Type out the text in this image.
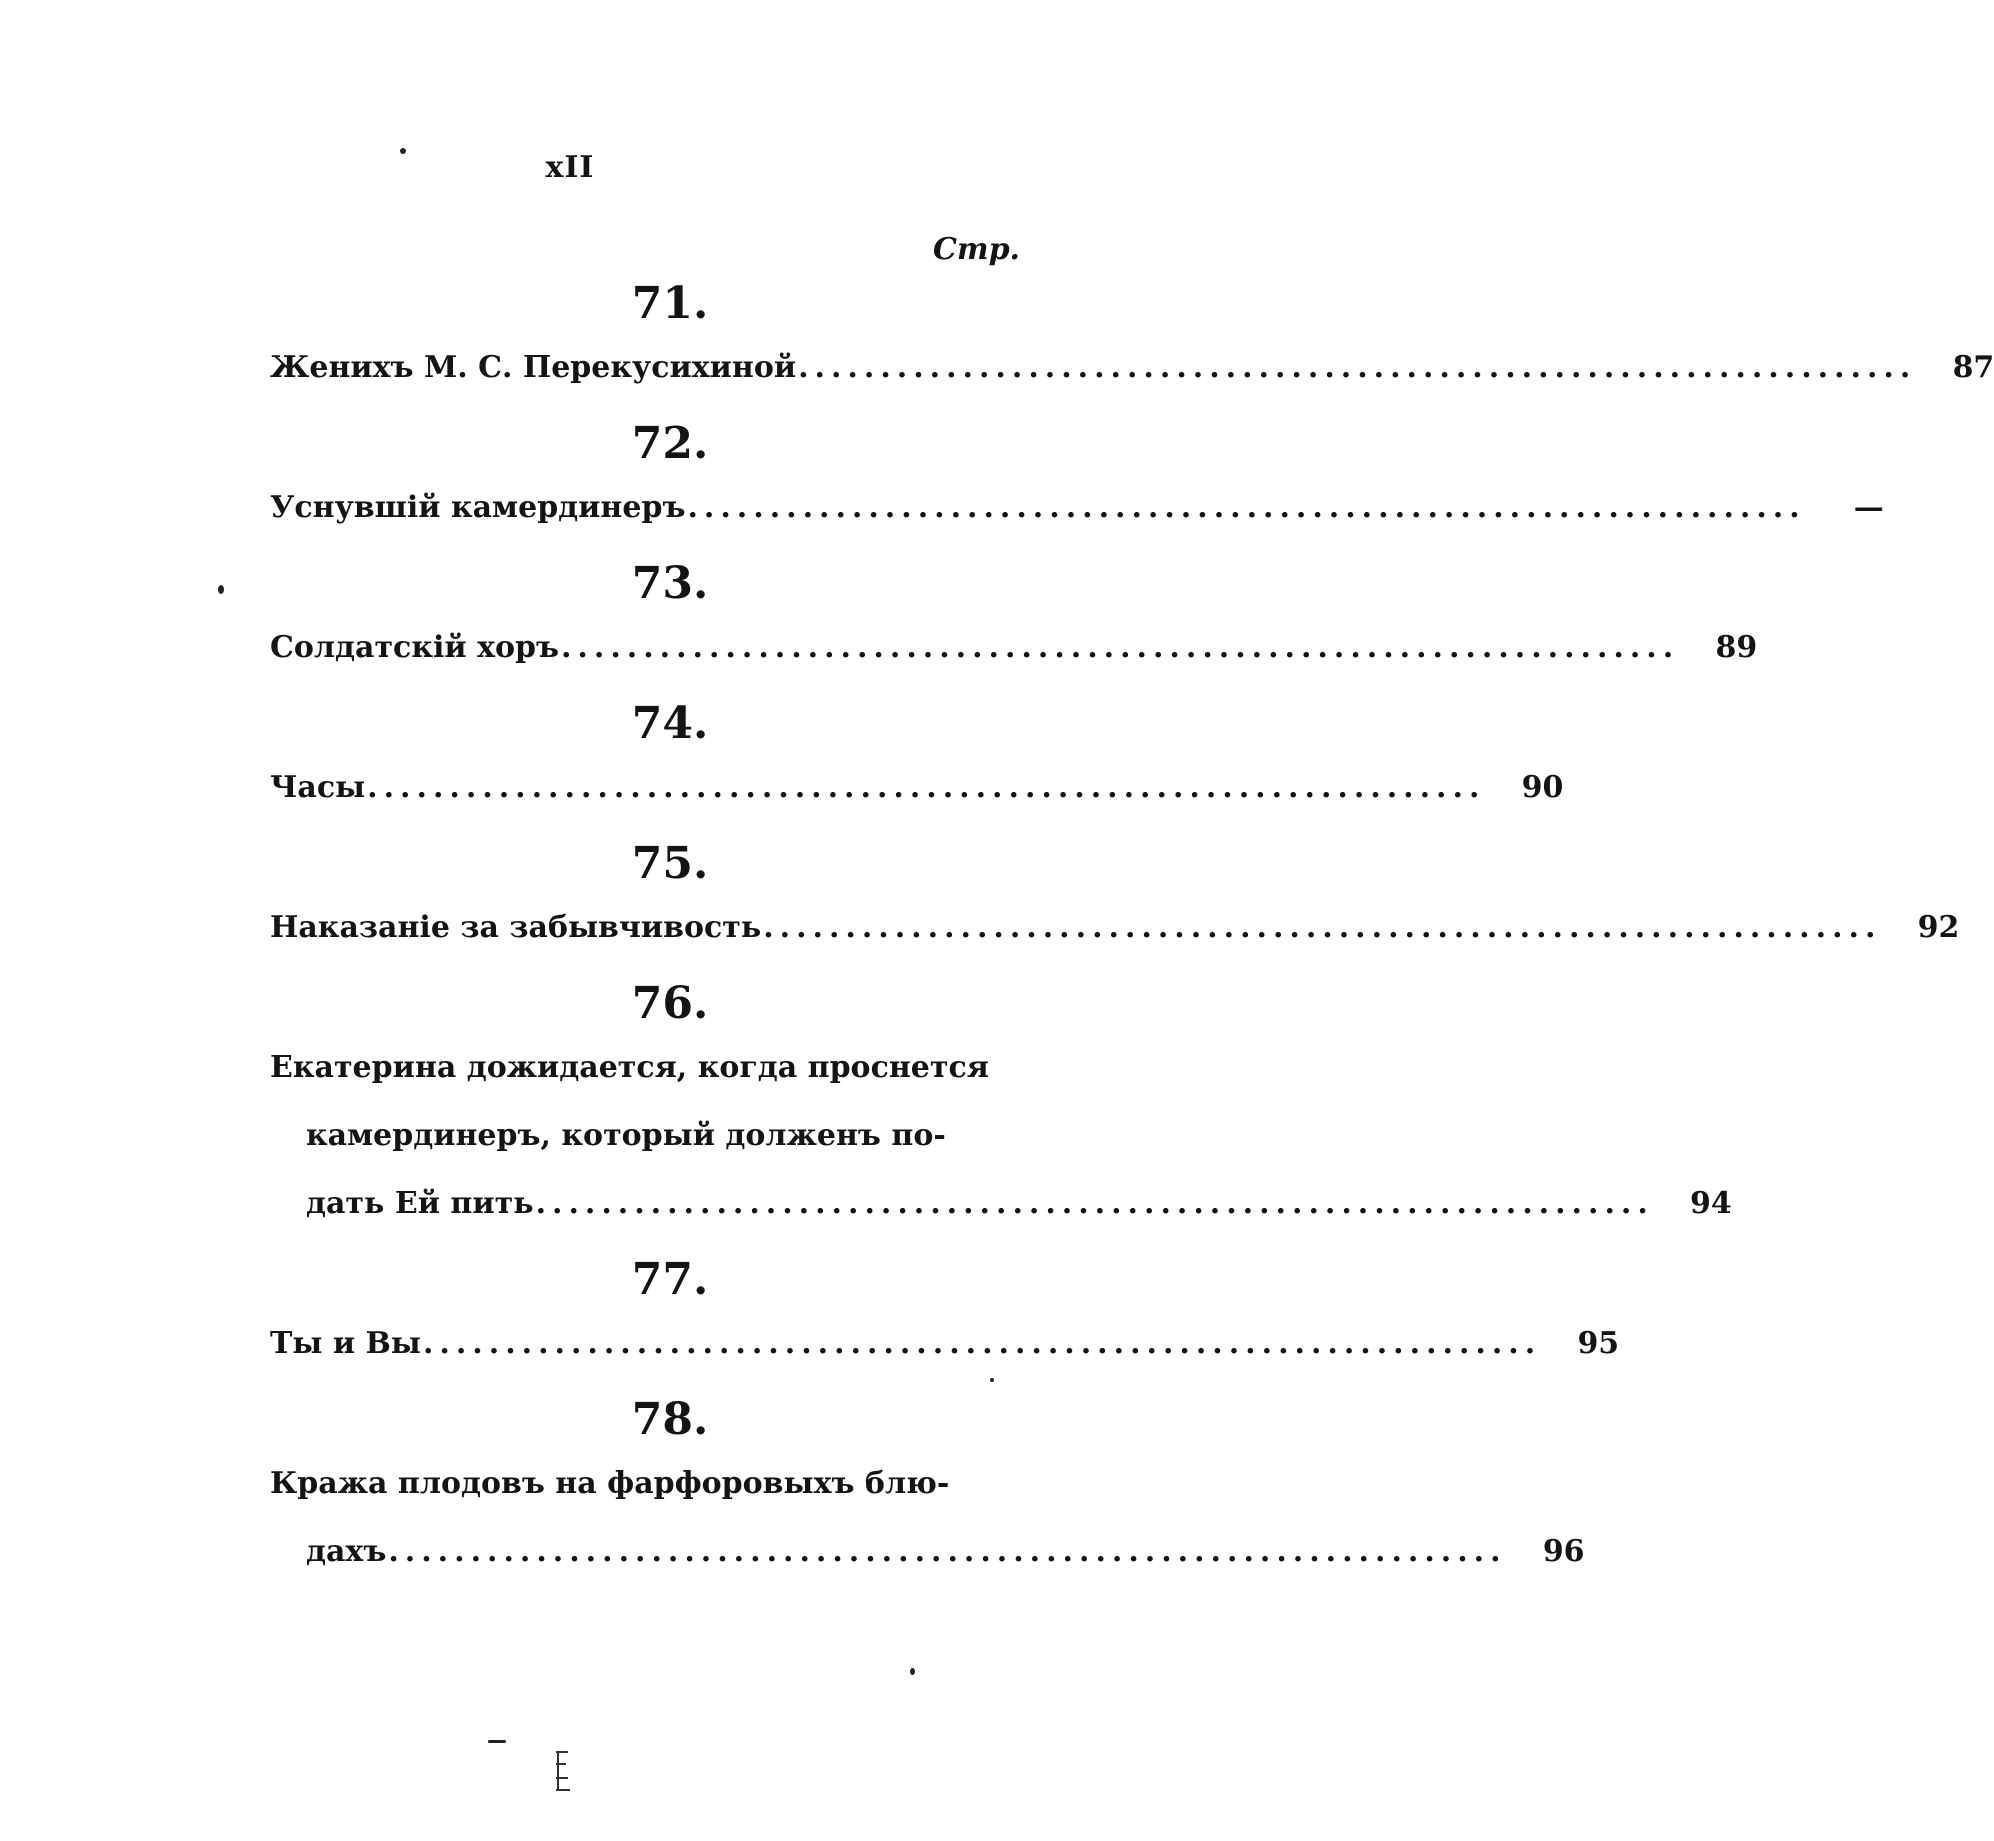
xII
Стр.
71.
Женихъ М. С. Перекусихиной ....................................................................	87
72.
Уснувшій камердинеръ ....................................................................	—
73.
Солдатскій хоръ ....................................................................	89
74.
Часы ....................................................................	90
75.
Наказаніе за забывчивость ....................................................................	92
76.
Екатерина дожидается, когда проснется
камердинеръ, который долженъ по-
дать Ей пить ....................................................................	94
77.
Ты и Вы ....................................................................	95
78.
Кража плодовъ на фарфоровыхъ блю-
дахъ ....................................................................	96
